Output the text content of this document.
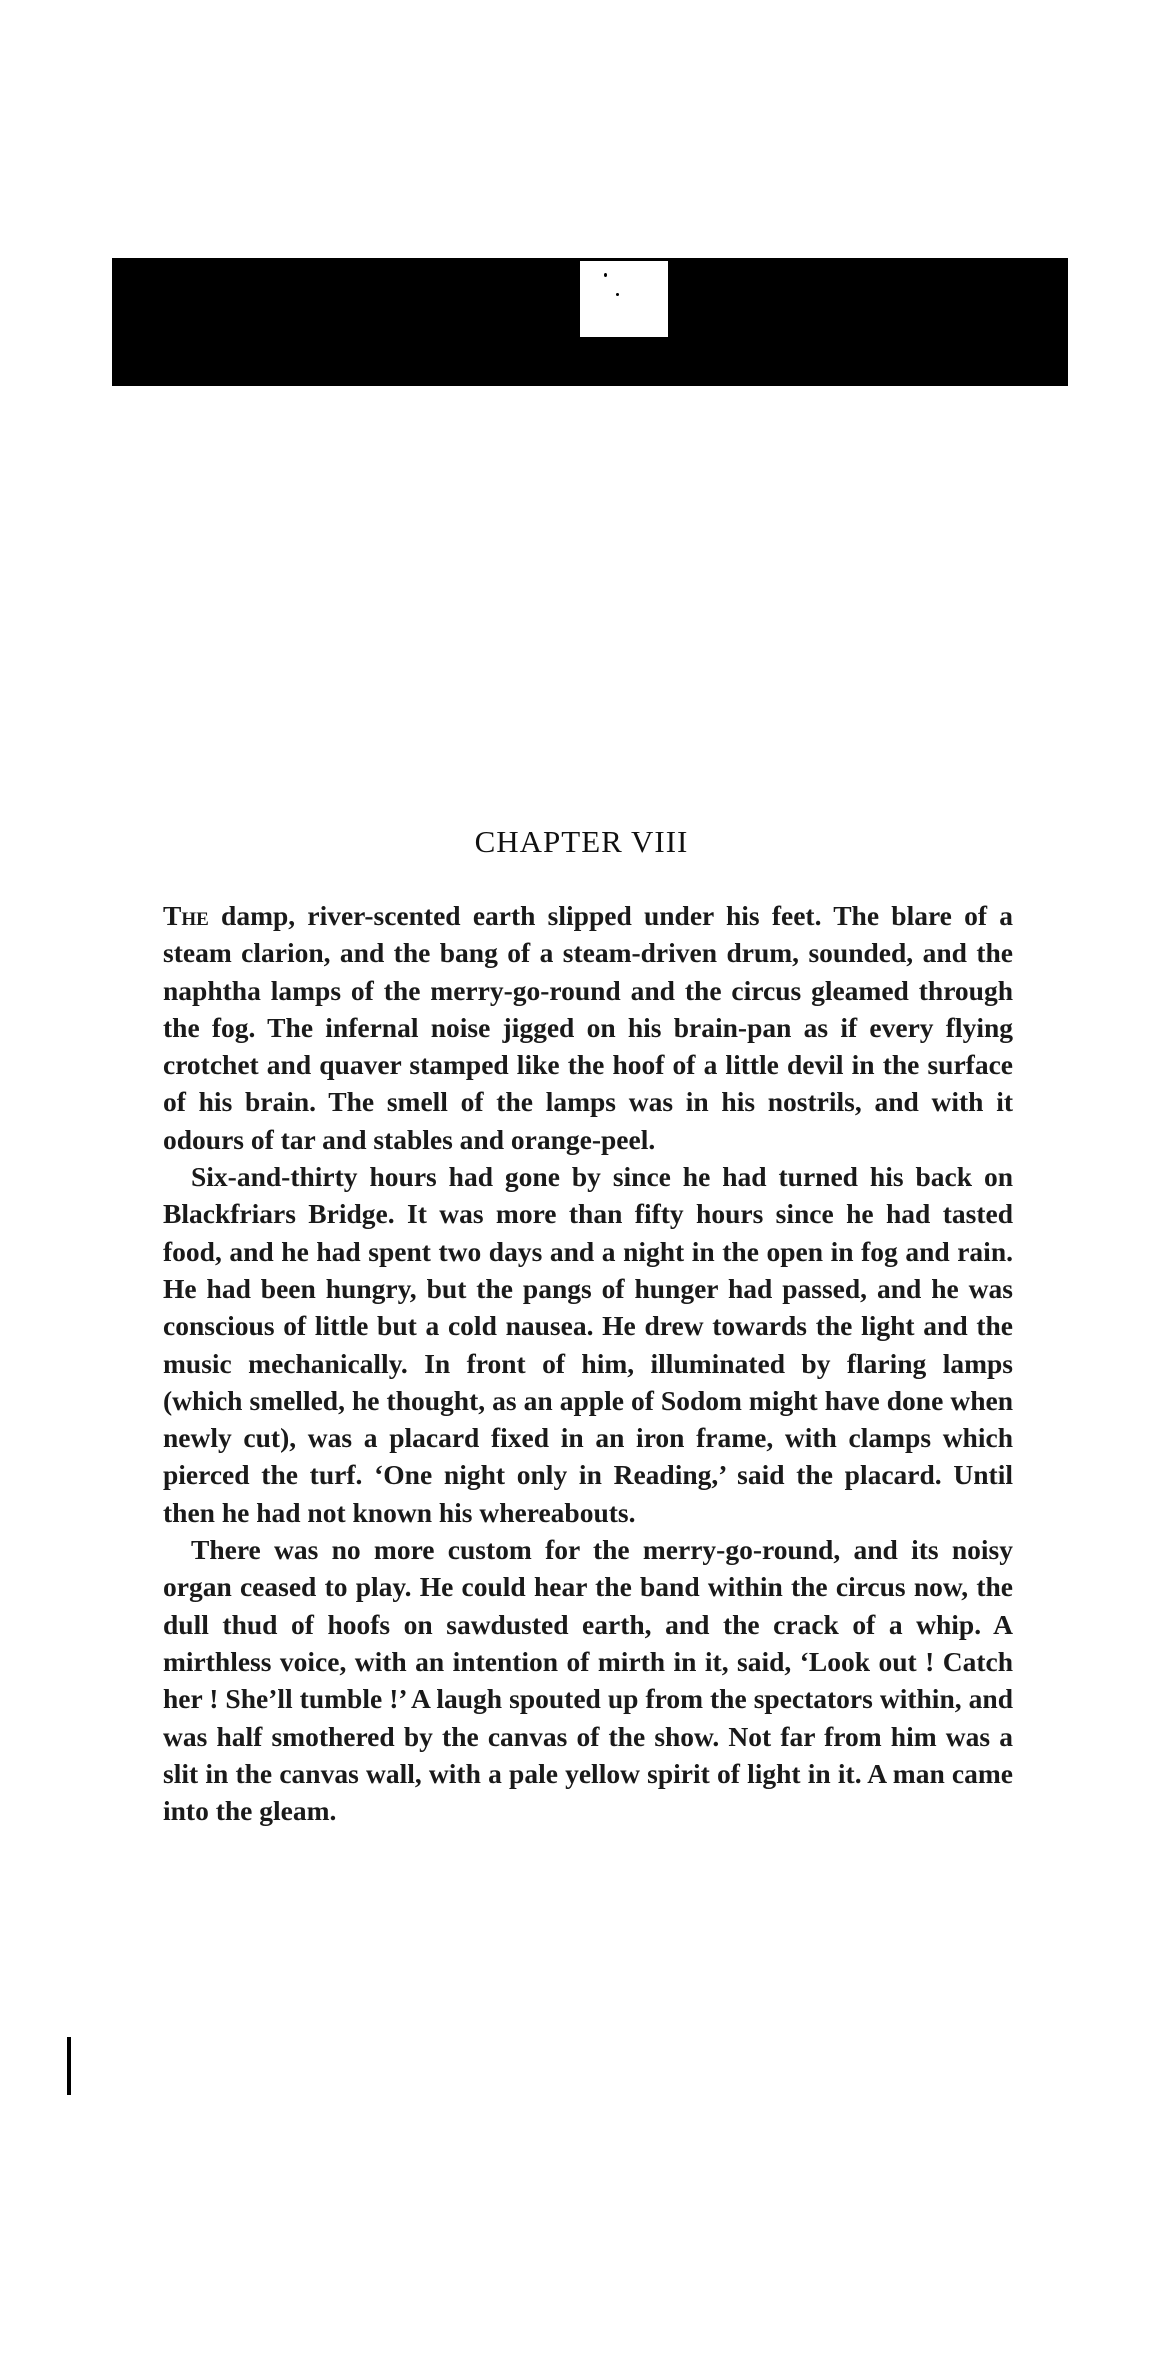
CHAPTER VIII

The damp, river-scented earth slipped under his feet. The blare of a steam clarion, and the bang of a steam-driven drum, sounded, and the naphtha lamps of the merry-go-round and the circus gleamed through the fog. The infernal noise jigged on his brain-pan as if every flying crotchet and quaver stamped like the hoof of a little devil in the surface of his brain. The smell of the lamps was in his nostrils, and with it odours of tar and stables and orange-peel.

Six-and-thirty hours had gone by since he had turned his back on Blackfriars Bridge. It was more than fifty hours since he had tasted food, and he had spent two days and a night in the open in fog and rain. He had been hungry, but the pangs of hunger had passed, and he was conscious of little but a cold nausea. He drew towards the light and the music mechanically. In front of him, illuminated by flaring lamps (which smelled, he thought, as an apple of Sodom might have done when newly cut), was a placard fixed in an iron frame, with clamps which pierced the turf. ‘One night only in Reading,’ said the placard. Until then he had not known his whereabouts.

There was no more custom for the merry-go-round, and its noisy organ ceased to play. He could hear the band within the circus now, the dull thud of hoofs on sawdusted earth, and the crack of a whip. A mirthless voice, with an intention of mirth in it, said, ‘Look out ! Catch her ! She’ll tumble !’ A laugh spouted up from the spectators within, and was half smothered by the canvas of the show. Not far from him was a slit in the canvas wall, with a pale yellow spirit of light in it. A man came into the gleam.
